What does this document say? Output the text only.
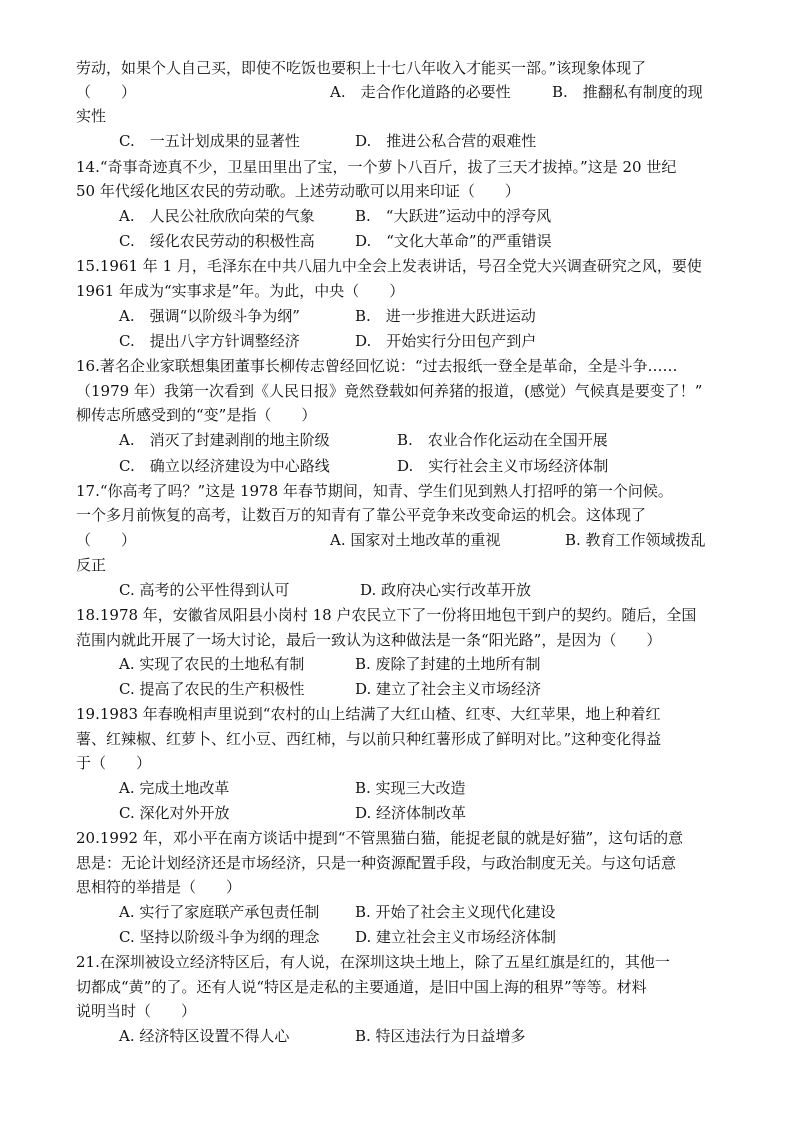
劳动，如果个人自己买，即使不吃饭也要积上十七八年收入才能买一部。”该现象体现了
（　　）	A.　走合作化道路的必要性	B.　推翻私有制度的现
实性
C.　一五计划成果的显著性	D.　推进公私合营的艰难性
14.“奇事奇迹真不少，卫星田里出了宝，一个萝卜八百斤，拔了三天才拔掉。”这是 20 世纪
50 年代绥化地区农民的劳动歌。上述劳动歌可以用来印证（　　）
A.　人民公社欣欣向荣的气象	B.　“大跃进”运动中的浮夸风
C.　绥化农民劳动的积极性高	D.　“文化大革命”的严重错误
15.1961 年 1 月，毛泽东在中共八届九中全会上发表讲话，号召全党大兴调查研究之风，要使
1961 年成为“实事求是”年。为此，中央（　　）
A.　强调“以阶级斗争为纲”	B.　进一步推进大跃进运动
C.　提出八字方针调整经济	D.　开始实行分田包产到户
16.著名企业家联想集团董事长柳传志曾经回忆说：“过去报纸一登全是革命，全是斗争……
（1979 年）我第一次看到《人民日报》竟然登载如何养猪的报道，(感觉）气候真是要变了！”
柳传志所感受到的“变”是指（　　）
A.　消灭了封建剥削的地主阶级	B.　农业合作化运动在全国开展
C.　确立以经济建设为中心路线	D.　实行社会主义市场经济体制
17.“你高考了吗？”这是 1978 年春节期间，知青、学生们见到熟人打招呼的第一个问候。
一个多月前恢复的高考，让数百万的知青有了靠公平竞争来改变命运的机会。这体现了
（　　）	A. 国家对土地改革的重视	B. 教育工作领域拨乱
反正
C. 高考的公平性得到认可	D. 政府决心实行改革开放
18.1978 年，安徽省凤阳县小岗村 18 户农民立下了一份将田地包干到户的契约。随后，全国
范围内就此开展了一场大讨论，最后一致认为这种做法是一条“阳光路”，是因为（　　）
A. 实现了农民的土地私有制	B. 废除了封建的土地所有制
C. 提高了农民的生产积极性	D. 建立了社会主义市场经济
19.1983 年春晚相声里说到“农村的山上结满了大红山楂、红枣、大红苹果，地上种着红
薯、红辣椒、红萝卜、红小豆、西红柿，与以前只种红薯形成了鲜明对比。”这种变化得益
于（　　）
A. 完成土地改革	B. 实现三大改造
C. 深化对外开放	D. 经济体制改革
20.1992 年，邓小平在南方谈话中提到“不管黑猫白猫，能捉老鼠的就是好猫”，这句话的意
思是：无论计划经济还是市场经济，只是一种资源配置手段，与政治制度无关。与这句话意
思相符的举措是（　　）
A. 实行了家庭联产承包责任制 B. 开始了社会主义现代化建设
C. 坚持以阶级斗争为纲的理念 D. 建立社会主义市场经济体制
21.在深圳被设立经济特区后，有人说，在深圳这块土地上，除了五星红旗是红的，其他一
切都成“黄”的了。还有人说“特区是走私的主要通道，是旧中国上海的租界”等等。材料
说明当时（　　）
A. 经济特区设置不得人心	B. 特区违法行为日益增多
